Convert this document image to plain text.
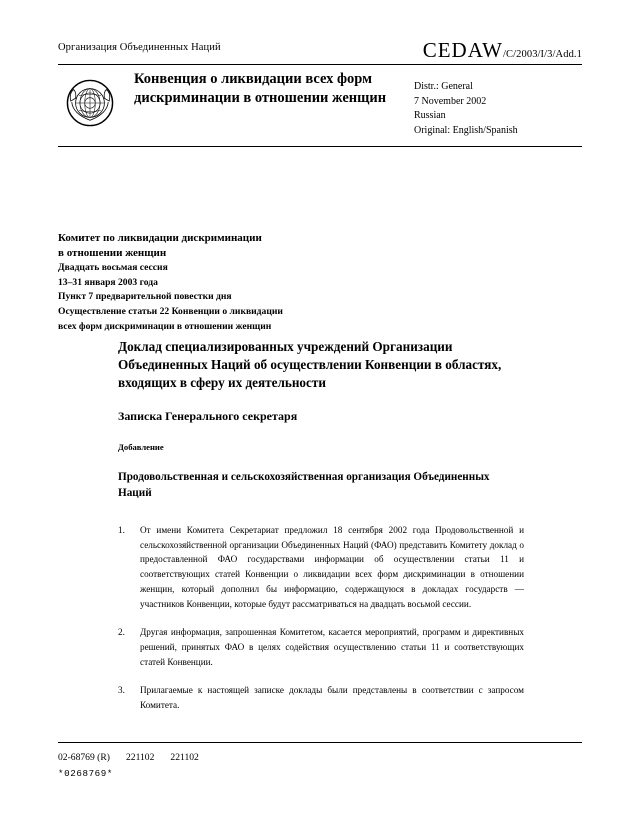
Организация Объединенных Наций	CEDAW/C/2003/I/3/Add.1
Конвенция о ликвидации всех форм дискриминации в отношении женщин
Distr.: General
7 November 2002
Russian
Original: English/Spanish
Комитет по ликвидации дискриминации
в отношении женщин
Двадцать восьмая сессия
13–31 января 2003 года
Пункт 7 предварительной повестки дня
Осуществление статьи 22 Конвенции о ликвидации
всех форм дискриминации в отношении женщин
Доклад специализированных учреждений Организации Объединенных Наций об осуществлении Конвенции в областях, входящих в сферу их деятельности
Записка Генерального секретаря
Добавление
Продовольственная и сельскохозяйственная организация Объединенных Наций
1. От имени Комитета Секретариат предложил 18 сентября 2002 года Продовольственной и сельскохозяйственной организации Объединенных Наций (ФАО) представить Комитету доклад о предоставленной ФАО государствами информации об осуществлении статьи 11 и соответствующих статей Конвенции о ликвидации всех форм дискриминации в отношении женщин, который дополнил бы информацию, содержащуюся в докладах государств — участников Конвенции, которые будут рассматриваться на двадцать восьмой сессии.
2. Другая информация, запрошенная Комитетом, касается мероприятий, программ и директивных решений, принятых ФАО в целях содействия осуществлению статьи 11 и соответствующих статей Конвенции.
3. Прилагаемые к настоящей записке доклады были представлены в соответствии с запросом Комитета.
02-68769 (R) 221102 221102
*0268769*
